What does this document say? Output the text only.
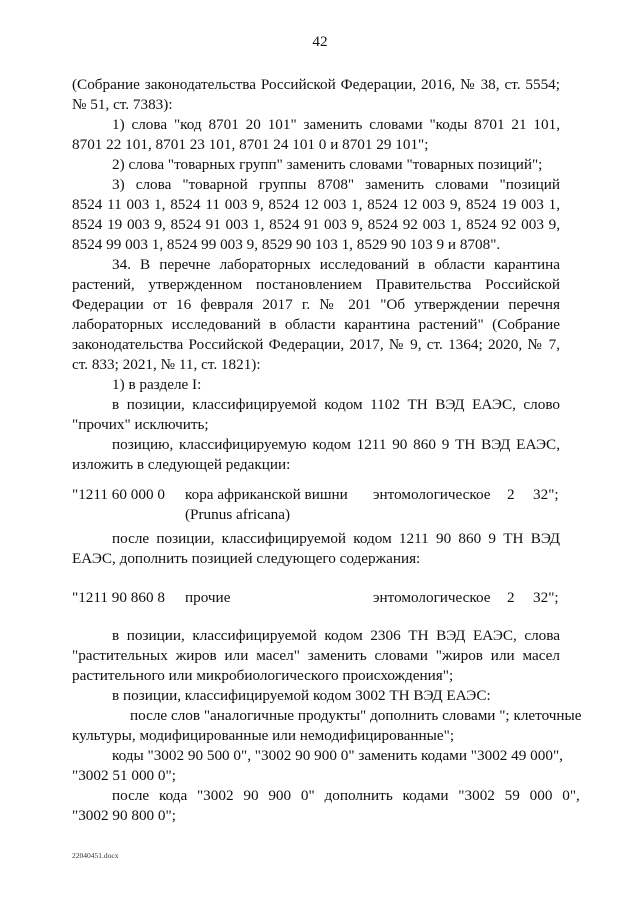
42
(Собрание законодательства Российской Федерации, 2016, № 38, ст. 5554;
№ 51, ст. 7383):
1) слова "код 8701 20 101" заменить словами "коды 8701 21 101,
8701 22 101, 8701 23 101, 8701 24 101 0 и 8701 29 101";
2) слова "товарных групп" заменить словами "товарных позиций";
3) слова "товарной группы 8708" заменить словами "позиций
8524 11 003 1, 8524 11 003 9, 8524 12 003 1, 8524 12 003 9, 8524 19 003 1,
8524 19 003 9, 8524 91 003 1, 8524 91 003 9, 8524 92 003 1, 8524 92 003 9,
8524 99 003 1, 8524 99 003 9, 8529 90 103 1, 8529 90 103 9 и 8708".
34. В перечне лабораторных исследований в области карантина
растений, утвержденном постановлением Правительства Российской
Федерации от 16 февраля 2017 г. № 201 "Об утверждении перечня
лабораторных исследований в области карантина растений" (Собрание
законодательства Российской Федерации, 2017, № 9, ст. 1364; 2020, № 7,
ст. 833; 2021, № 11, ст. 1821):
1) в разделе I:
в позиции, классифицируемой кодом 1102 ТН ВЭД ЕАЭС, слово
"прочих" исключить;
позицию, классифицируемую кодом 1211 90 860 9 ТН ВЭД ЕАЭС,
изложить в следующей редакции:
"1211 60 000 0 кора африканской вишни
(Prunus africana)
энтомологическое 2 32";
после позиции, классифицируемой кодом 1211 90 860 9 ТН ВЭД
ЕАЭС, дополнить позицией следующего содержания:
"1211 90 860 8 прочие	энтомологическое 2 32";
в позиции, классифицируемой кодом 2306 ТН ВЭД ЕАЭС, слова
"растительных жиров или масел" заменить словами "жиров или масел
растительного или микробиологического происхождения";
в позиции, классифицируемой кодом 3002 ТН ВЭД ЕАЭС:
после слов "аналогичные продукты" дополнить словами "; клеточные
культуры, модифицированные или немодифицированные";
коды "3002 90 500 0", "3002 90 900 0" заменить кодами "3002 49 000",
"3002 51 000 0";
после кода "3002 90 900 0" дополнить кодами "3002 59 000 0",
"3002 90 800 0";
22040451.docx
